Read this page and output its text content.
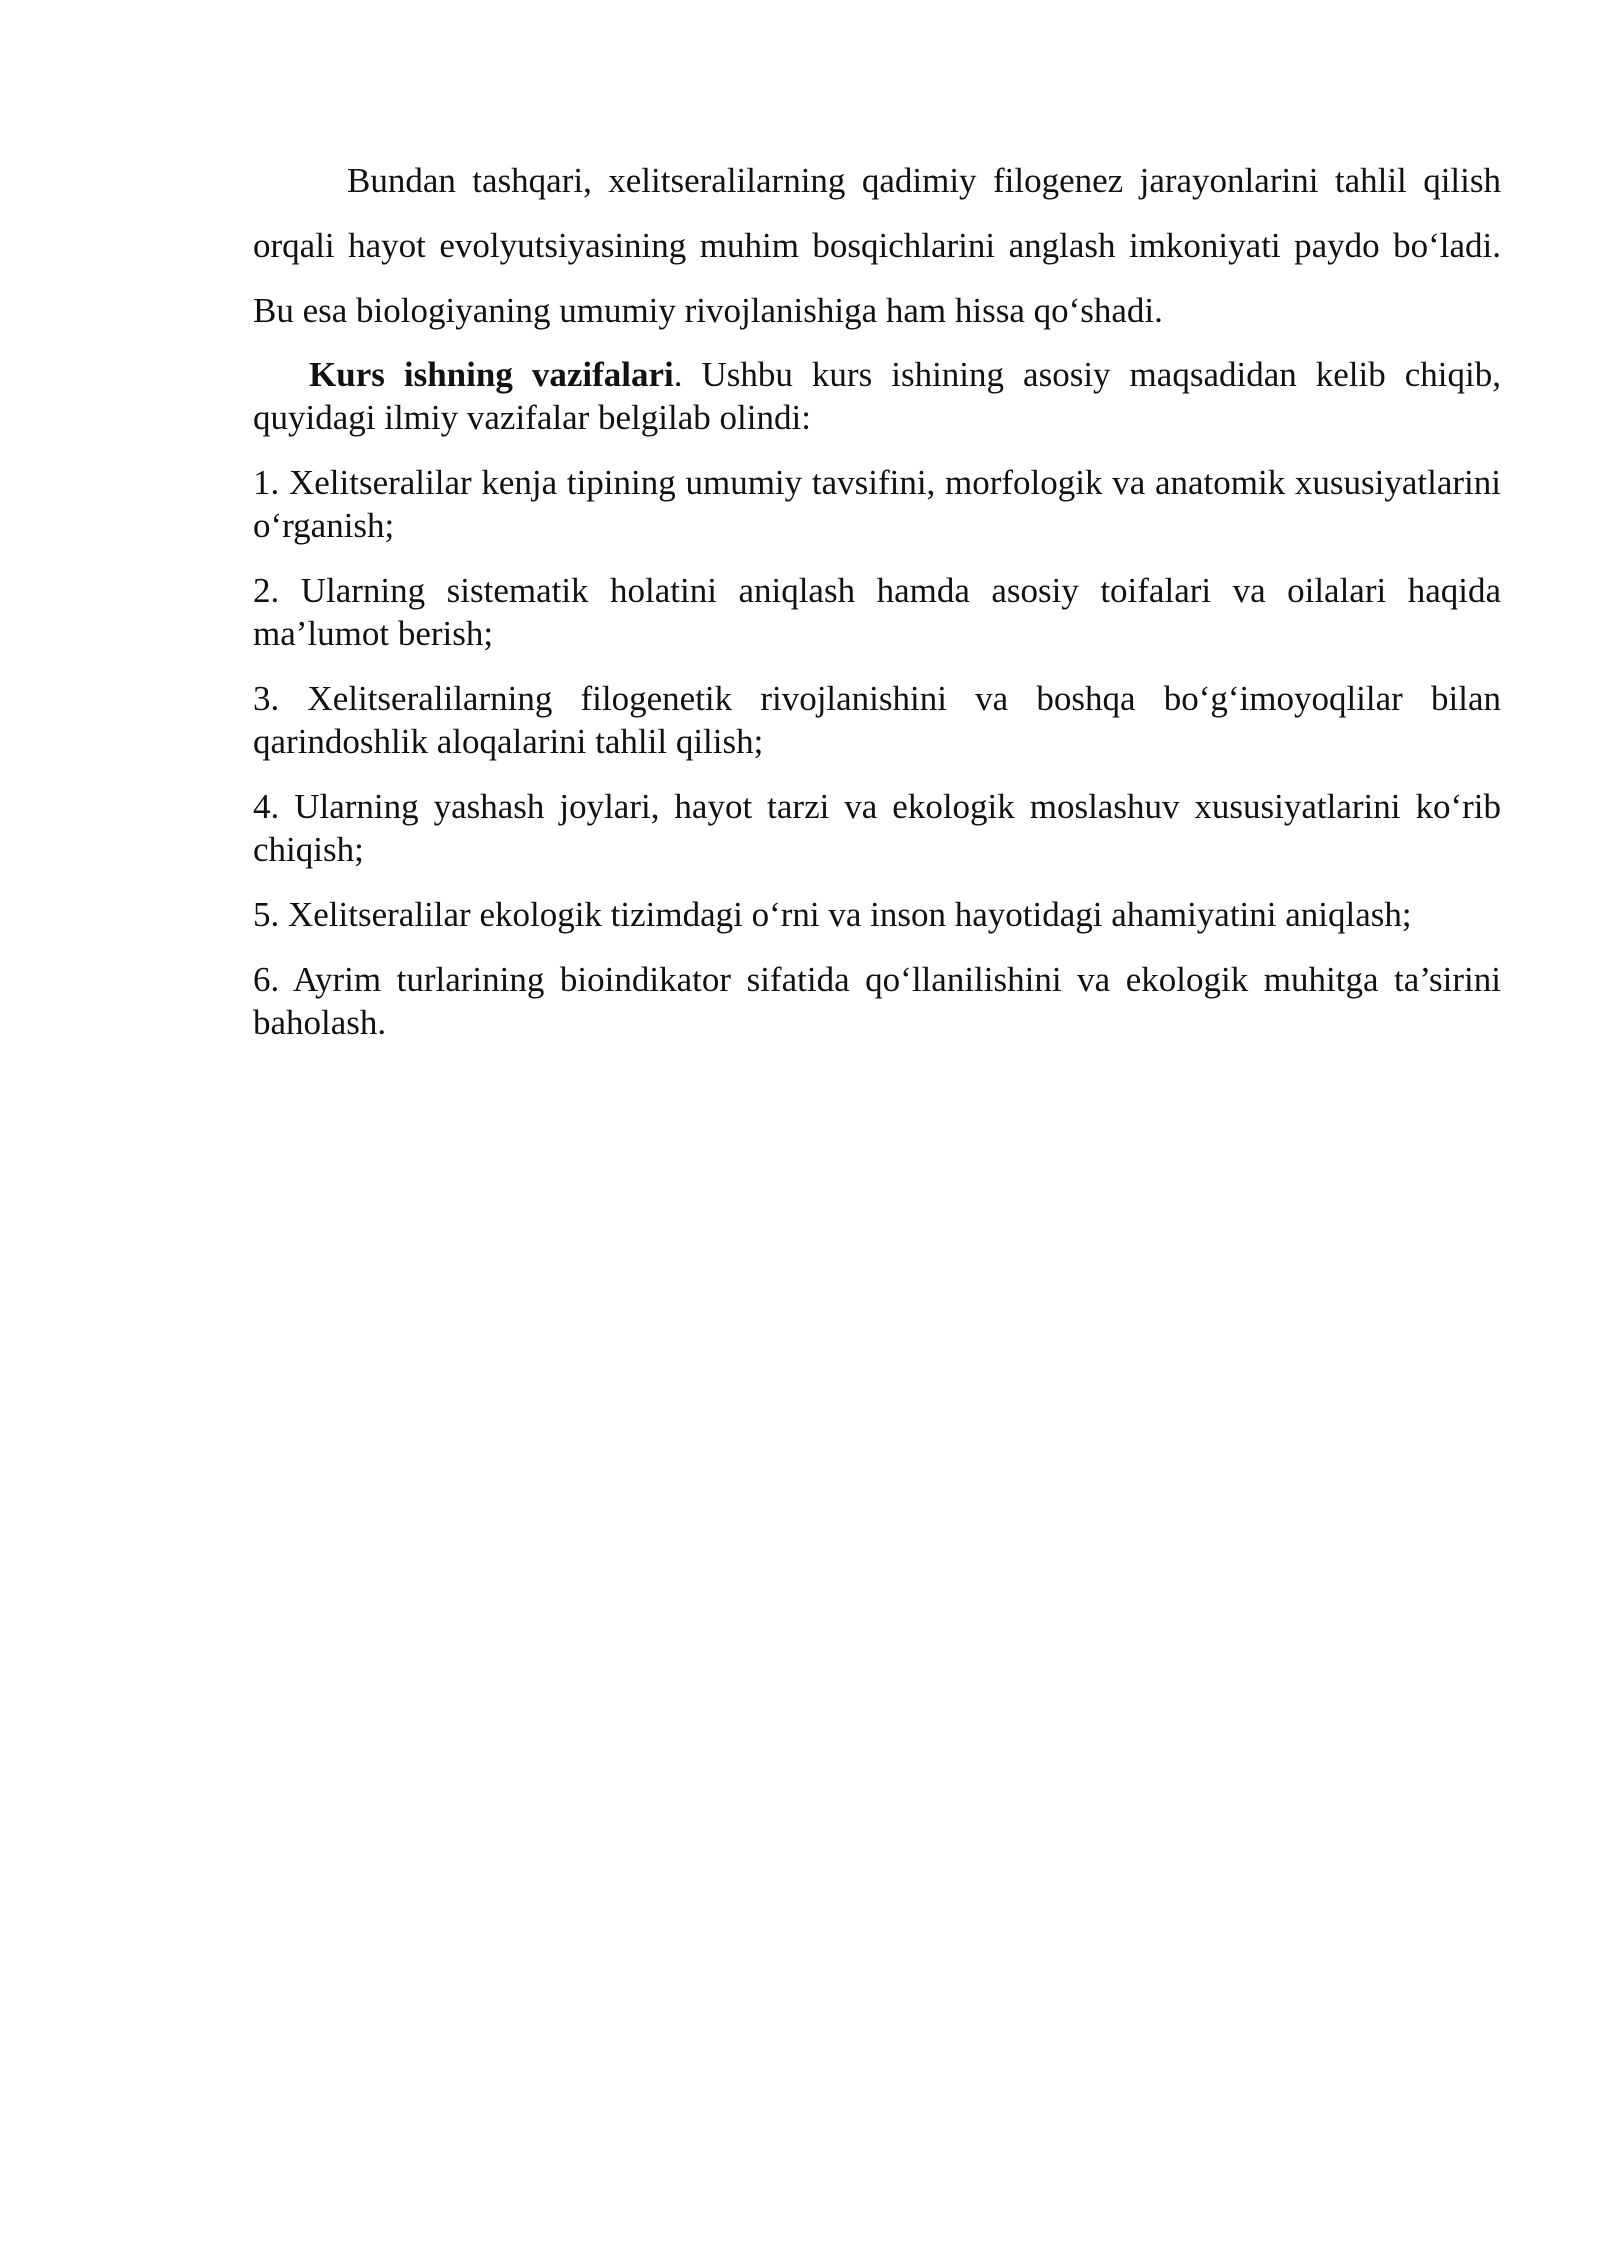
Bundan tashqari, xelitseralilarning qadimiy filogenez jarayonlarini tahlil qilish orqali hayot evolyutsiyasining muhim bosqichlarini anglash imkoniyati paydo bo‘ladi. Bu esa biologiyaning umumiy rivojlanishiga ham hissa qo‘shadi.

Kurs ishning vazifalari. Ushbu kurs ishining asosiy maqsadidan kelib chiqib, quyidagi ilmiy vazifalar belgilab olindi:

1. Xelitseralilar kenja tipining umumiy tavsifini, morfologik va anatomik xususiyatlarini o‘rganish;
2. Ularning sistematik holatini aniqlash hamda asosiy toifalari va oilalari haqida ma’lumot berish;
3. Xelitseralilarning filogenetik rivojlanishini va boshqa bo‘g‘imoyoqlilar bilan qarindoshlik aloqalarini tahlil qilish;
4. Ularning yashash joylari, hayot tarzi va ekologik moslashuv xususiyatlarini ko‘rib chiqish;
5. Xelitseralilar ekologik tizimdagi o‘rni va inson hayotidagi ahamiyatini aniqlash;
6. Ayrim turlarining bioindikator sifatida qo‘llanilishini va ekologik muhitga ta’sirini baholash.
